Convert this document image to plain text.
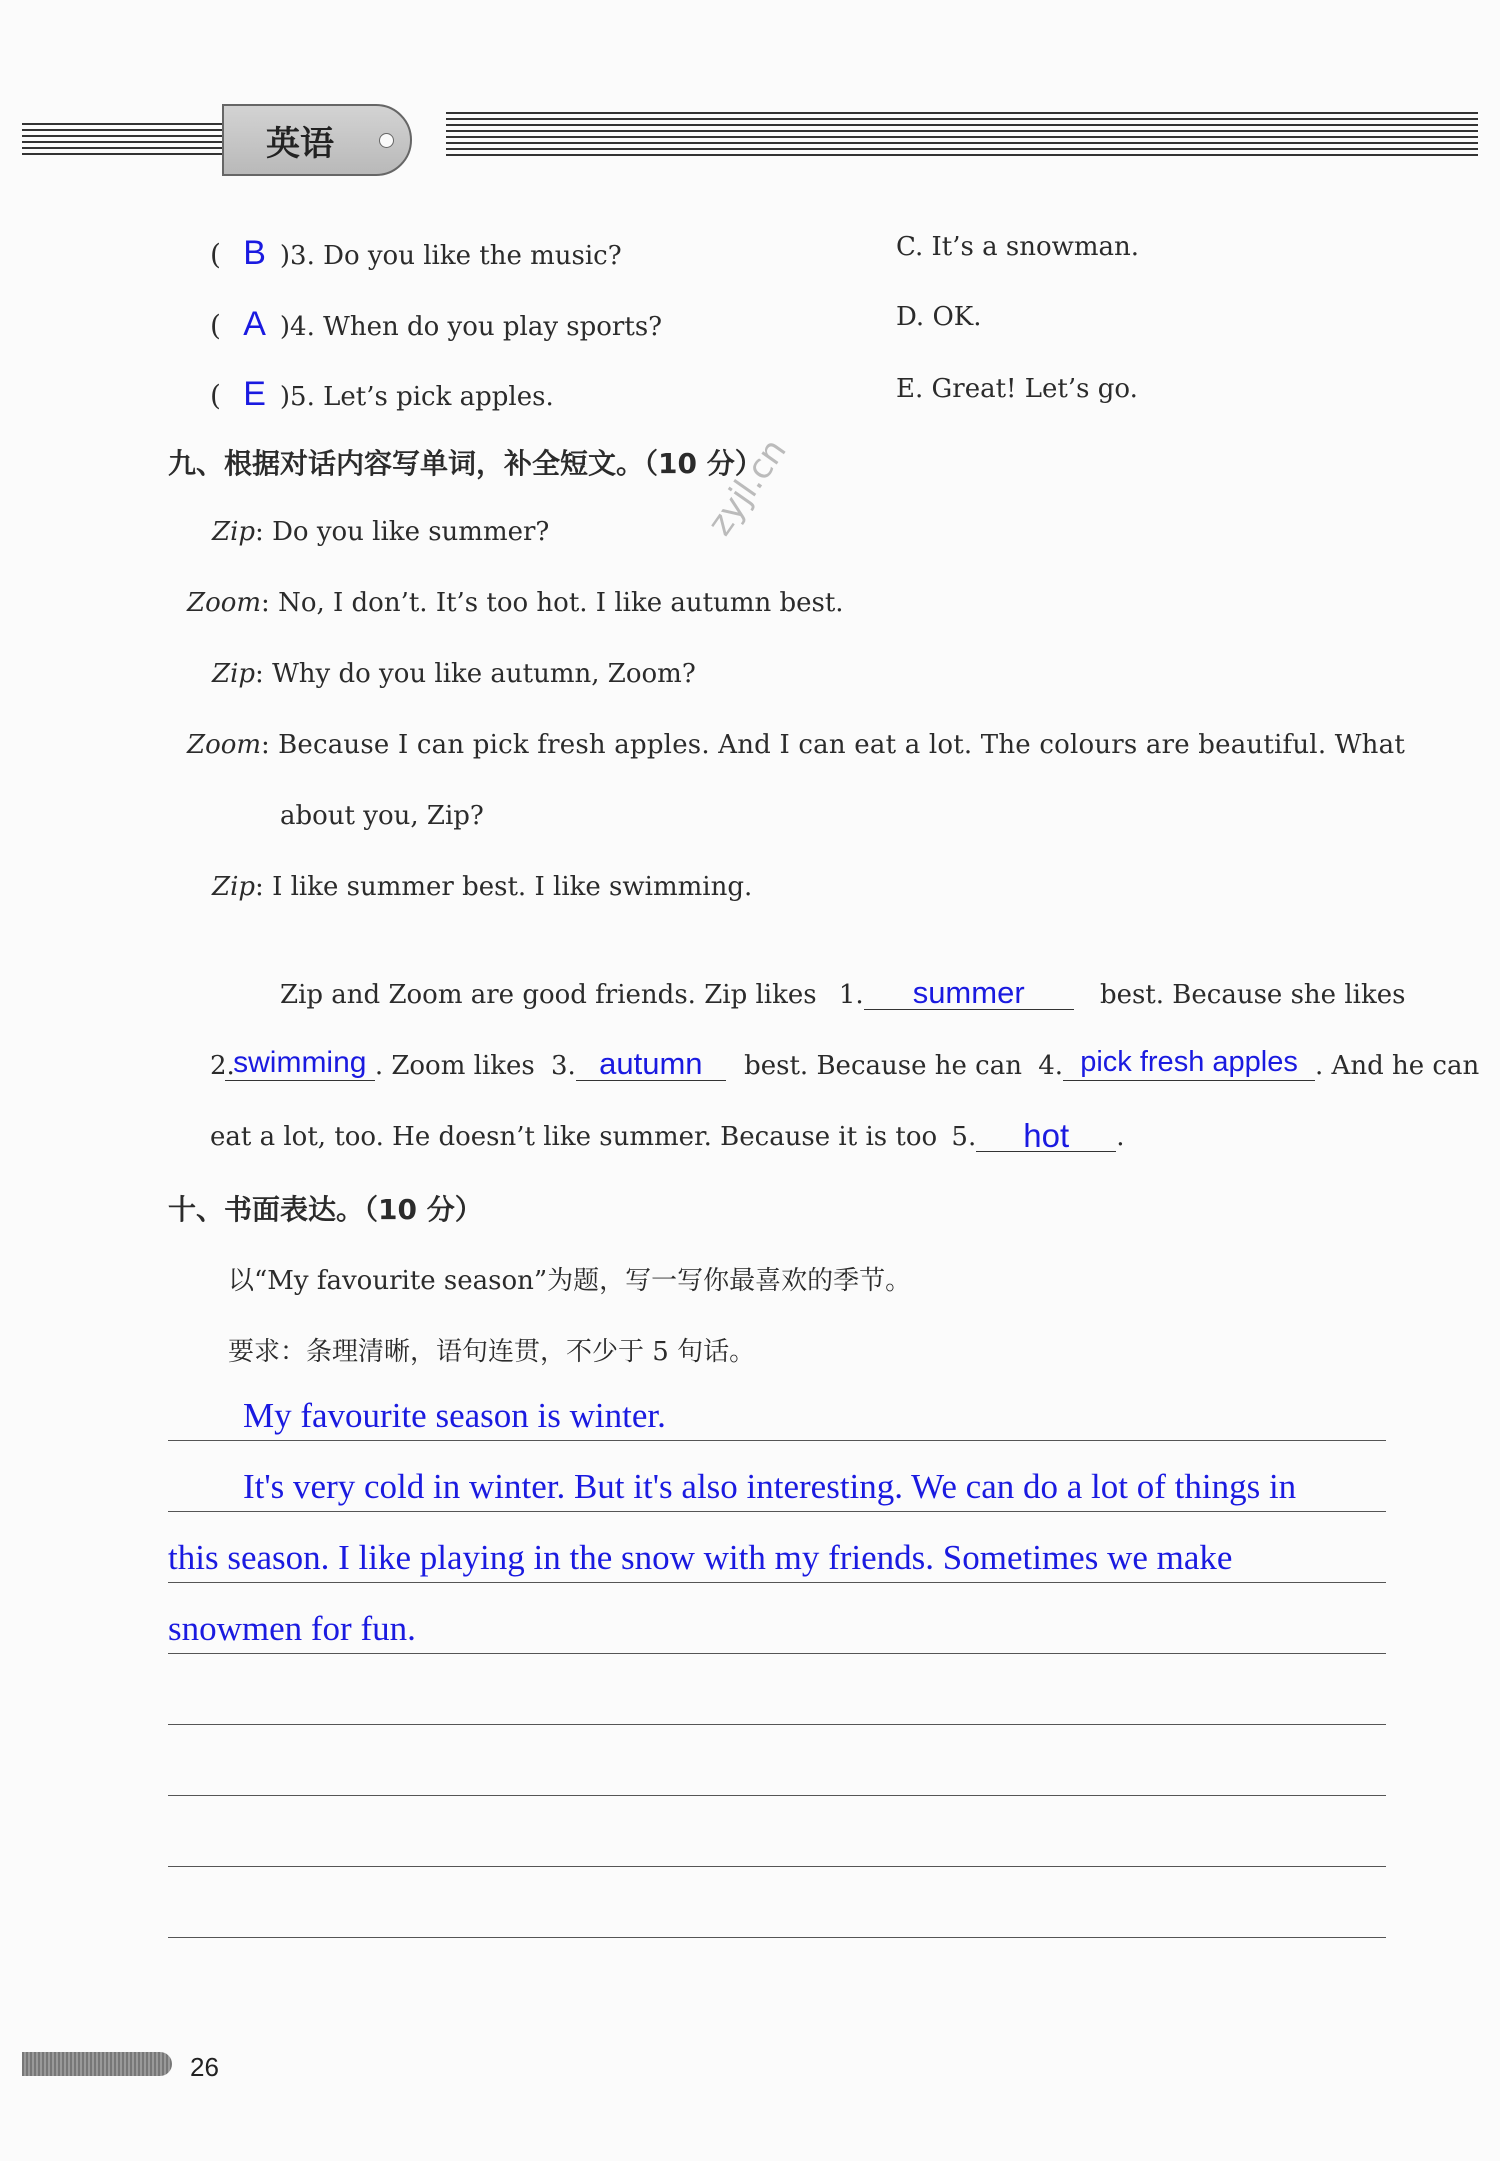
英语
( B )3. Do you like the music?	C. It’s a snowman.
( A )4. When do you play sports?	D. OK.
( E )5. Let’s pick apples.	E. Great! Let’s go.
九、根据对话内容写单词，补全短文。（10 分）
zyjl.cn
Zip: Do you like summer?
Zoom: No, I don’t. It’s too hot. I like autumn best.
Zip: Why do you like autumn, Zoom?
Zoom: Because I can pick fresh apples. And I can eat a lot. The colours are beautiful. What
about you, Zip?
Zip: I like summer best. I like swimming.
Zip and Zoom are good friends. Zip likes 1. summer	best. Because she likes
2.swimming . Zoom likes 3. autumn best. Because he can 4. pick fresh apples . And he can
eat a lot, too. He doesn’t like summer. Because it is too 5. hot .
十、书面表达。（10 分）
以“My favourite season”为题，写一写你最喜欢的季节。
要求：条理清晰，语句连贯，不少于 5 句话。
My favourite season is winter.
It's very cold in winter. But it's also interesting. We can do a lot of things in
this season. I like playing in the snow with my friends. Sometimes we make
snowmen for fun.
26
